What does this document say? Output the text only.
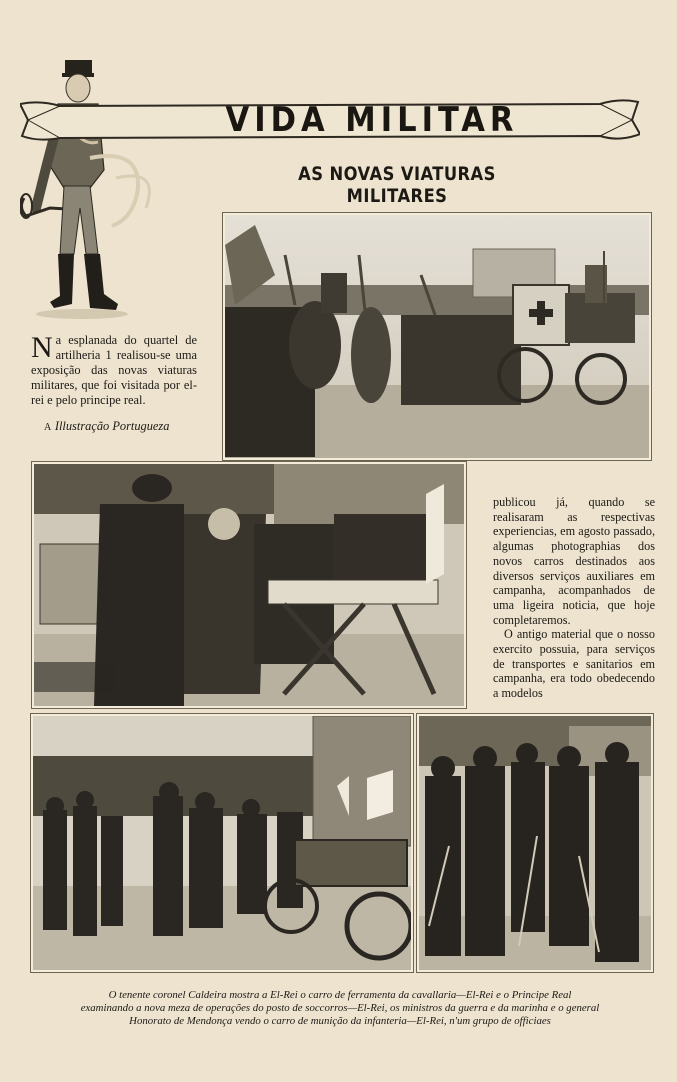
VIDA MILITAR
AS NOVAS VIATURAS MILITARES
Na esplanada do quartel de artilheria 1 realisou-se uma exposição das novas viaturas militares, que foi visitada por el-rei e pelo principe real.
A Illustração Portugueza

publicou já, quando se realisaram as respectivas experiencias, em agosto passado, algumas photographias dos novos carros destinados aos diversos serviços auxiliares em campanha, acompanhados de uma ligeira noticia, que hoje completaremos.

O antigo material que o nosso exercito possuia, para serviços de transportes e sanitarios em campanha, era todo obedecendo a modelos

O tenente coronel Caldeira mostra a El-Rei o carro de ferramenta da cavallaria—El-Rei e o Principe Real
examinando a nova meza de operações do posto de soccorros—El-Rei, os ministros da guerra e da marinha e o general
Honorato de Mendonça vendo o carro de munição da infanteria—El-Rei, n'um grupo de officiaes
